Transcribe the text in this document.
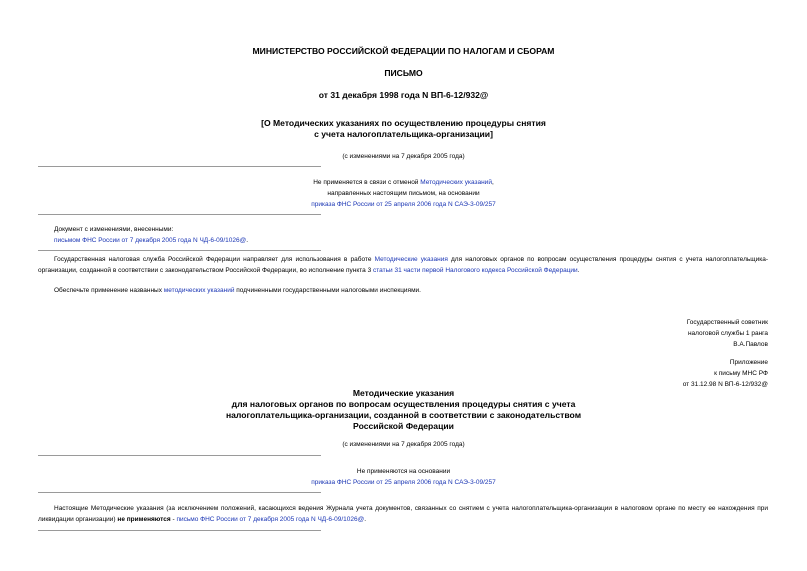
МИНИСТЕРСТВО РОССИЙСКОЙ ФЕДЕРАЦИИ ПО НАЛОГАМ И СБОРАМ
ПИСЬМО
от 31 декабря 1998 года N ВП-6-12/932@
[О Методических указаниях по осуществлению процедуры снятия
с учета налогоплательщика-организации]
(с изменениями на 7 декабря 2005 года)
Не применяется в связи с отменой Методических указаний,
направленных настоящим письмом, на основании
приказа ФНС России от 25 апреля 2006 года N САЭ-3-09/257
Документ с изменениями, внесенными:
письмом ФНС России от 7 декабря 2005 года N ЧД-6-09/1026@.
Государственная налоговая служба Российской Федерации направляет для использования в работе Методические указания для налоговых органов по вопросам осуществления процедуры снятия с учета налогоплательщика-организации, созданной в соответствии с законодательством Российской Федерации, во исполнение пункта 3 статьи 31 части первой Налогового кодекса Российской Федерации.
Обеспечьте применение названных методических указаний подчиненными государственными налоговыми инспекциями.
Государственный советник
налоговой службы 1 ранга
В.А.Павлов
Приложение
к письму МНС РФ
от 31.12.98 N ВП-6-12/932@
Методические указания
для налоговых органов по вопросам осуществления процедуры снятия с учета
налогоплательщика-организации, созданной в соответствии с законодательством
Российской Федерации
(с изменениями на 7 декабря 2005 года)
Не применяются на основании
приказа ФНС России от 25 апреля 2006 года N САЭ-3-09/257
Настоящие Методические указания (за исключением положений, касающихся ведения Журнала учета документов, связанных со снятием с учета налогоплательщика-организации в налоговом органе по месту ее нахождения при ликвидации организации) не применяются - письмо ФНС России от 7 декабря 2005 года N ЧД-6-09/1026@.
